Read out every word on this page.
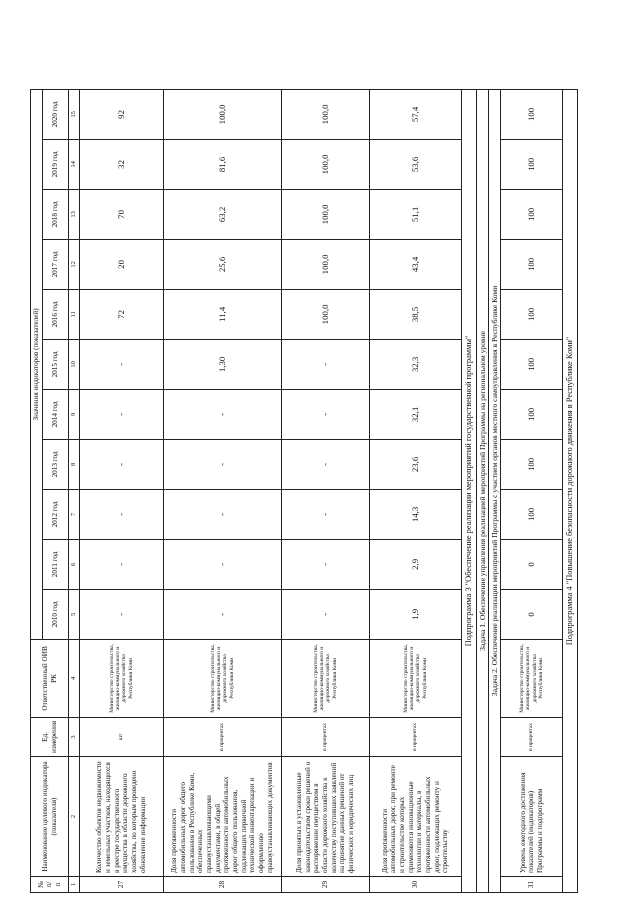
№ п/п	Наименование целевого индикатора (показателя)	Ед. измерения	Ответственный ОИВ РК	Значения индикаторов (показателей)										
				2010 год	2011 год	2012 год	2013 год	2014 год	2015 год	2016 год	2017 год	2018 год	2019 год	2020 год
1	2	3	4	5	6	7	8	9	10	11	12	13	14	15
27	Количество объектов недвижимости и земельных участков, находящихся в реестре государственного имущества в области дорожного хозяйства, по которым проведено обновление информации	шт	Министерство строительства, жилищно-коммунального и дорожного хозяйства Республики Коми	-	-	-	-	-	-	72	20	70	32	92
28	Доля протяженности автомобильных дорог общего пользования в Республике Коми, обеспеченных правоустанавливающими документами, в общей протяженности автомобильных дорог общего пользования, подлежащих первичной технической инвентаризации и оформлению правоустанавливающих документов	в процентах	Министерство строительства, жилищно-коммунального и дорожного хозяйства Республики Коми	-	-	-	-	-	1,30	11,4	25,6	63,2	81,6	100,0
29	Доля принятых в установленные законодательством сроки решений о распоряжении имуществом в области дорожного хозяйства к количеству поступивших заявлений на принятие данных решений от физических и юридических лиц	в процентах	Министерство строительства, жилищно-коммунального и дорожного хозяйства Республики Коми	-	-	-	-	-	-	100,0	100,0	100,0	100,0	100,0
30	Доля протяженности автомобильных дорог, при ремонте и строительстве которых применяются инновационные технологии и материалы, в протяженности автомобильных дорог, подлежащих ремонту и строительству	в процентах	Министерство строительства, жилищно-коммунального и дорожного хозяйства Республики Коми	1,9	2,9	14,3	23,6	32,1	32,3	38,5	43,4	51,1	53,6	57,4
Подпрограмма 3 "Обеспечение реализации мероприятий государственной программы"														
Задача 1. Обеспечение управления реализацией мероприятий Программы на региональном уровне														
Задача 2. Обеспечение реализации мероприятий Программы с участием органов местного самоуправления в Республике Коми														
31	Уровень ежегодного достижения показателей (индикаторов) Программы и подпрограмм	в процентах	Министерство строительства, жилищно-коммунального и дорожного хозяйства Республики Коми	0	0	100	100	100	100	100	100	100	100	100
Подпрограмма 4 "Повышение безопасности дорожного движения в Республике Коми"														
